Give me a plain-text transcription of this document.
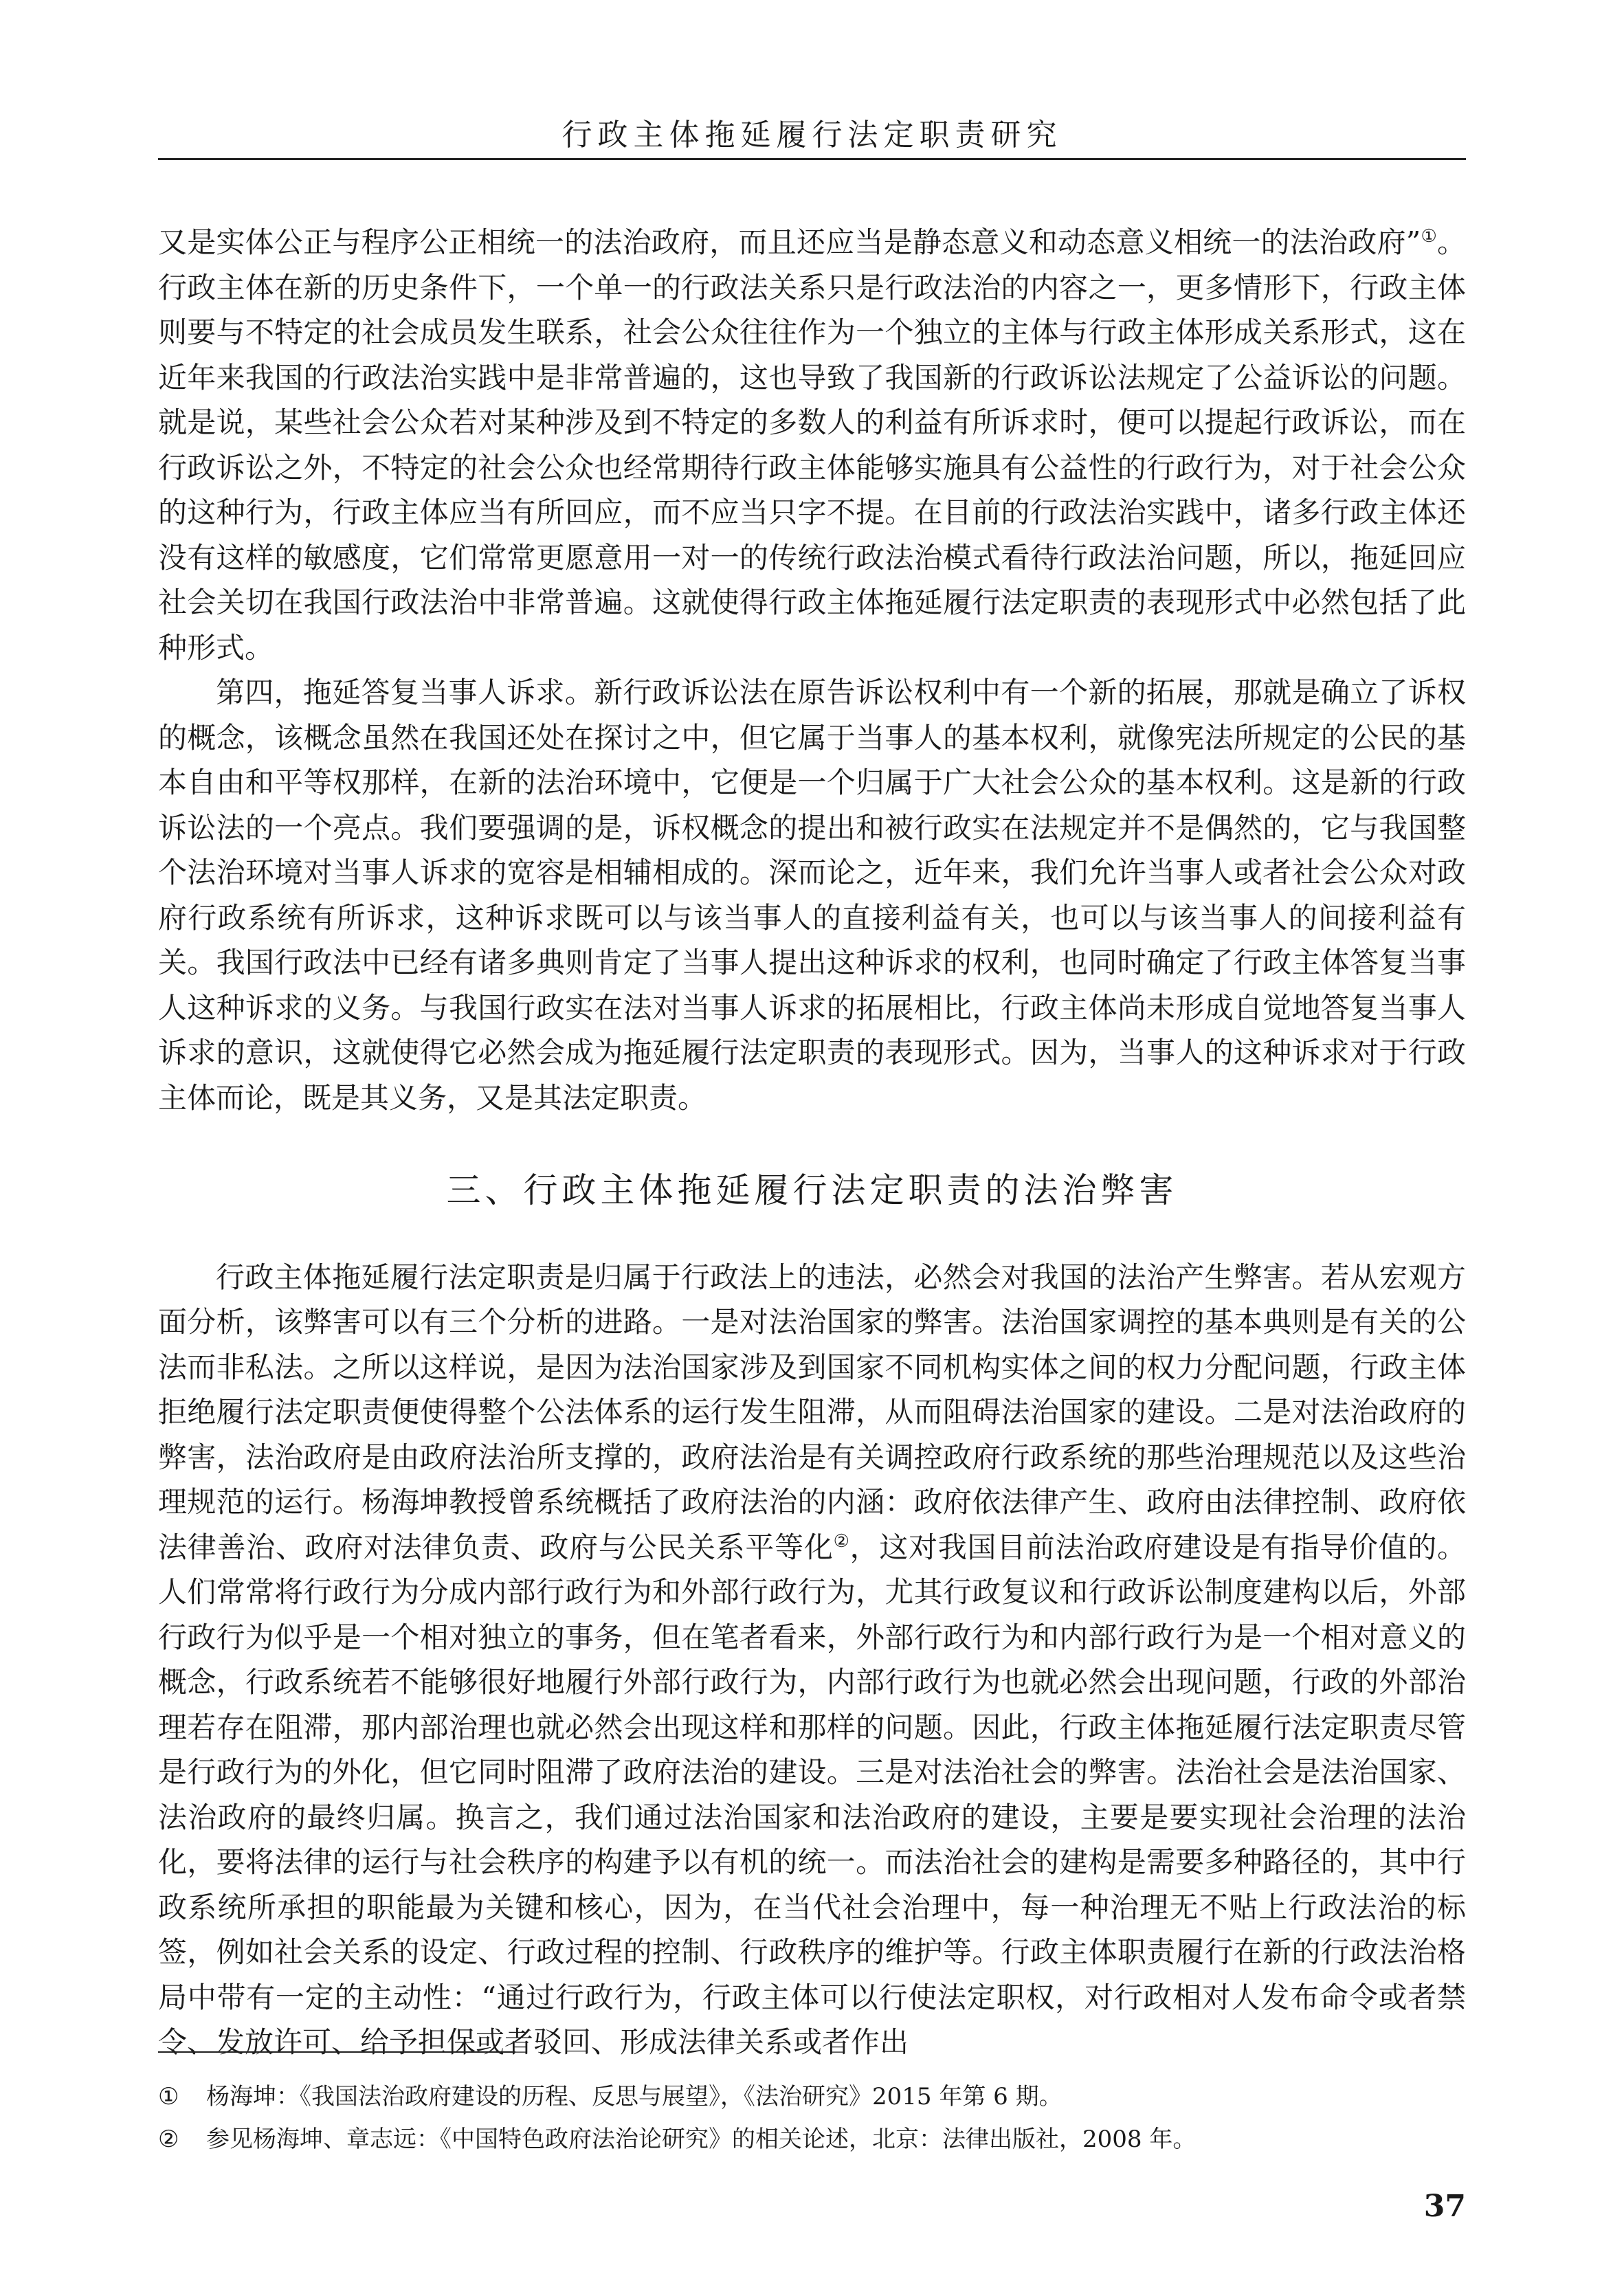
行政主体拖延履行法定职责研究

又是实体公正与程序公正相统一的法治政府，而且还应当是静态意义和动态意义相统一的法治政府”①。行政主体在新的历史条件下，一个单一的行政法关系只是行政法治的内容之一，更多情形下，行政主体则要与不特定的社会成员发生联系，社会公众往往作为一个独立的主体与行政主体形成关系形式，这在近年来我国的行政法治实践中是非常普遍的，这也导致了我国新的行政诉讼法规定了公益诉讼的问题。就是说，某些社会公众若对某种涉及到不特定的多数人的利益有所诉求时，便可以提起行政诉讼，而在行政诉讼之外，不特定的社会公众也经常期待行政主体能够实施具有公益性的行政行为，对于社会公众的这种行为，行政主体应当有所回应，而不应当只字不提。在目前的行政法治实践中，诸多行政主体还没有这样的敏感度，它们常常更愿意用一对一的传统行政法治模式看待行政法治问题，所以，拖延回应社会关切在我国行政法治中非常普遍。这就使得行政主体拖延履行法定职责的表现形式中必然包括了此种形式。

第四，拖延答复当事人诉求。新行政诉讼法在原告诉讼权利中有一个新的拓展，那就是确立了诉权的概念，该概念虽然在我国还处在探讨之中，但它属于当事人的基本权利，就像宪法所规定的公民的基本自由和平等权那样，在新的法治环境中，它便是一个归属于广大社会公众的基本权利。这是新的行政诉讼法的一个亮点。我们要强调的是，诉权概念的提出和被行政实在法规定并不是偶然的，它与我国整个法治环境对当事人诉求的宽容是相辅相成的。深而论之，近年来，我们允许当事人或者社会公众对政府行政系统有所诉求，这种诉求既可以与该当事人的直接利益有关，也可以与该当事人的间接利益有关。我国行政法中已经有诸多典则肯定了当事人提出这种诉求的权利，也同时确定了行政主体答复当事人这种诉求的义务。与我国行政实在法对当事人诉求的拓展相比，行政主体尚未形成自觉地答复当事人诉求的意识，这就使得它必然会成为拖延履行法定职责的表现形式。因为，当事人的这种诉求对于行政主体而论，既是其义务，又是其法定职责。

三、行政主体拖延履行法定职责的法治弊害

行政主体拖延履行法定职责是归属于行政法上的违法，必然会对我国的法治产生弊害。若从宏观方面分析，该弊害可以有三个分析的进路。一是对法治国家的弊害。法治国家调控的基本典则是有关的公法而非私法。之所以这样说，是因为法治国家涉及到国家不同机构实体之间的权力分配问题，行政主体拒绝履行法定职责便使得整个公法体系的运行发生阻滞，从而阻碍法治国家的建设。二是对法治政府的弊害，法治政府是由政府法治所支撑的，政府法治是有关调控政府行政系统的那些治理规范以及这些治理规范的运行。杨海坤教授曾系统概括了政府法治的内涵：政府依法律产生、政府由法律控制、政府依法律善治、政府对法律负责、政府与公民关系平等化②，这对我国目前法治政府建设是有指导价值的。人们常常将行政行为分成内部行政行为和外部行政行为，尤其行政复议和行政诉讼制度建构以后，外部行政行为似乎是一个相对独立的事务，但在笔者看来，外部行政行为和内部行政行为是一个相对意义的概念，行政系统若不能够很好地履行外部行政行为，内部行政行为也就必然会出现问题，行政的外部治理若存在阻滞，那内部治理也就必然会出现这样和那样的问题。因此，行政主体拖延履行法定职责尽管是行政行为的外化，但它同时阻滞了政府法治的建设。三是对法治社会的弊害。法治社会是法治国家、法治政府的最终归属。换言之，我们通过法治国家和法治政府的建设，主要是要实现社会治理的法治化，要将法律的运行与社会秩序的构建予以有机的统一。而法治社会的建构是需要多种路径的，其中行政系统所承担的职能最为关键和核心，因为，在当代社会治理中，每一种治理无不贴上行政法治的标签，例如社会关系的设定、行政过程的控制、行政秩序的维护等。行政主体职责履行在新的行政法治格局中带有一定的主动性：“通过行政行为，行政主体可以行使法定职权，对行政相对人发布命令或者禁令、发放许可、给予担保或者驳回、形成法律关系或者作出

①	杨海坤：《我国法治政府建设的历程、反思与展望》，《法治研究》2015 年第 6 期。
②	参见杨海坤、章志远：《中国特色政府法治论研究》的相关论述，北京：法律出版社，2008 年。
37
